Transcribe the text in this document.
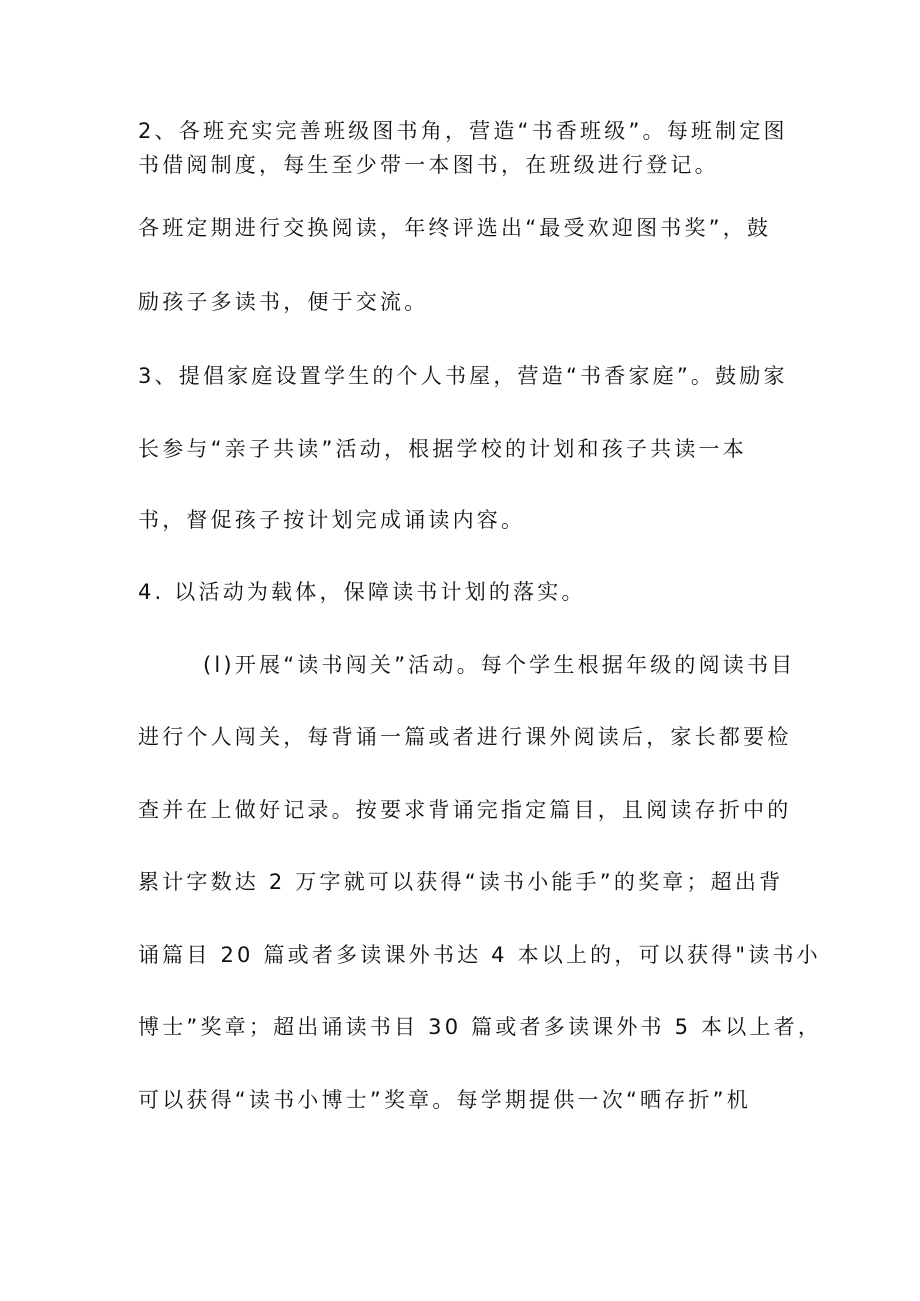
2、各班充实完善班级图书角，营造“书香班级”。每班制定图
书借阅制度，每生至少带一本图书，在班级进行登记。
各班定期进行交换阅读，年终评选出“最受欢迎图书奖”，鼓
励孩子多读书，便于交流。
3、提倡家庭设置学生的个人书屋，营造“书香家庭”。鼓励家
长参与“亲子共读”活动，根据学校的计划和孩子共读一本
书，督促孩子按计划完成诵读内容。
4. 以活动为载体，保障读书计划的落实。
(l)开展“读书闯关”活动。每个学生根据年级的阅读书目
进行个人闯关，每背诵一篇或者进行课外阅读后，家长都要检
查并在上做好记录。按要求背诵完指定篇目，且阅读存折中的
累计字数达 2 万字就可以获得“读书小能手”的奖章；超出背
诵篇目 20 篇或者多读课外书达 4 本以上的，可以获得"读书小
博士”奖章；超出诵读书目 30 篇或者多读课外书 5 本以上者，
可以获得“读书小博士”奖章。每学期提供一次“晒存折”机
